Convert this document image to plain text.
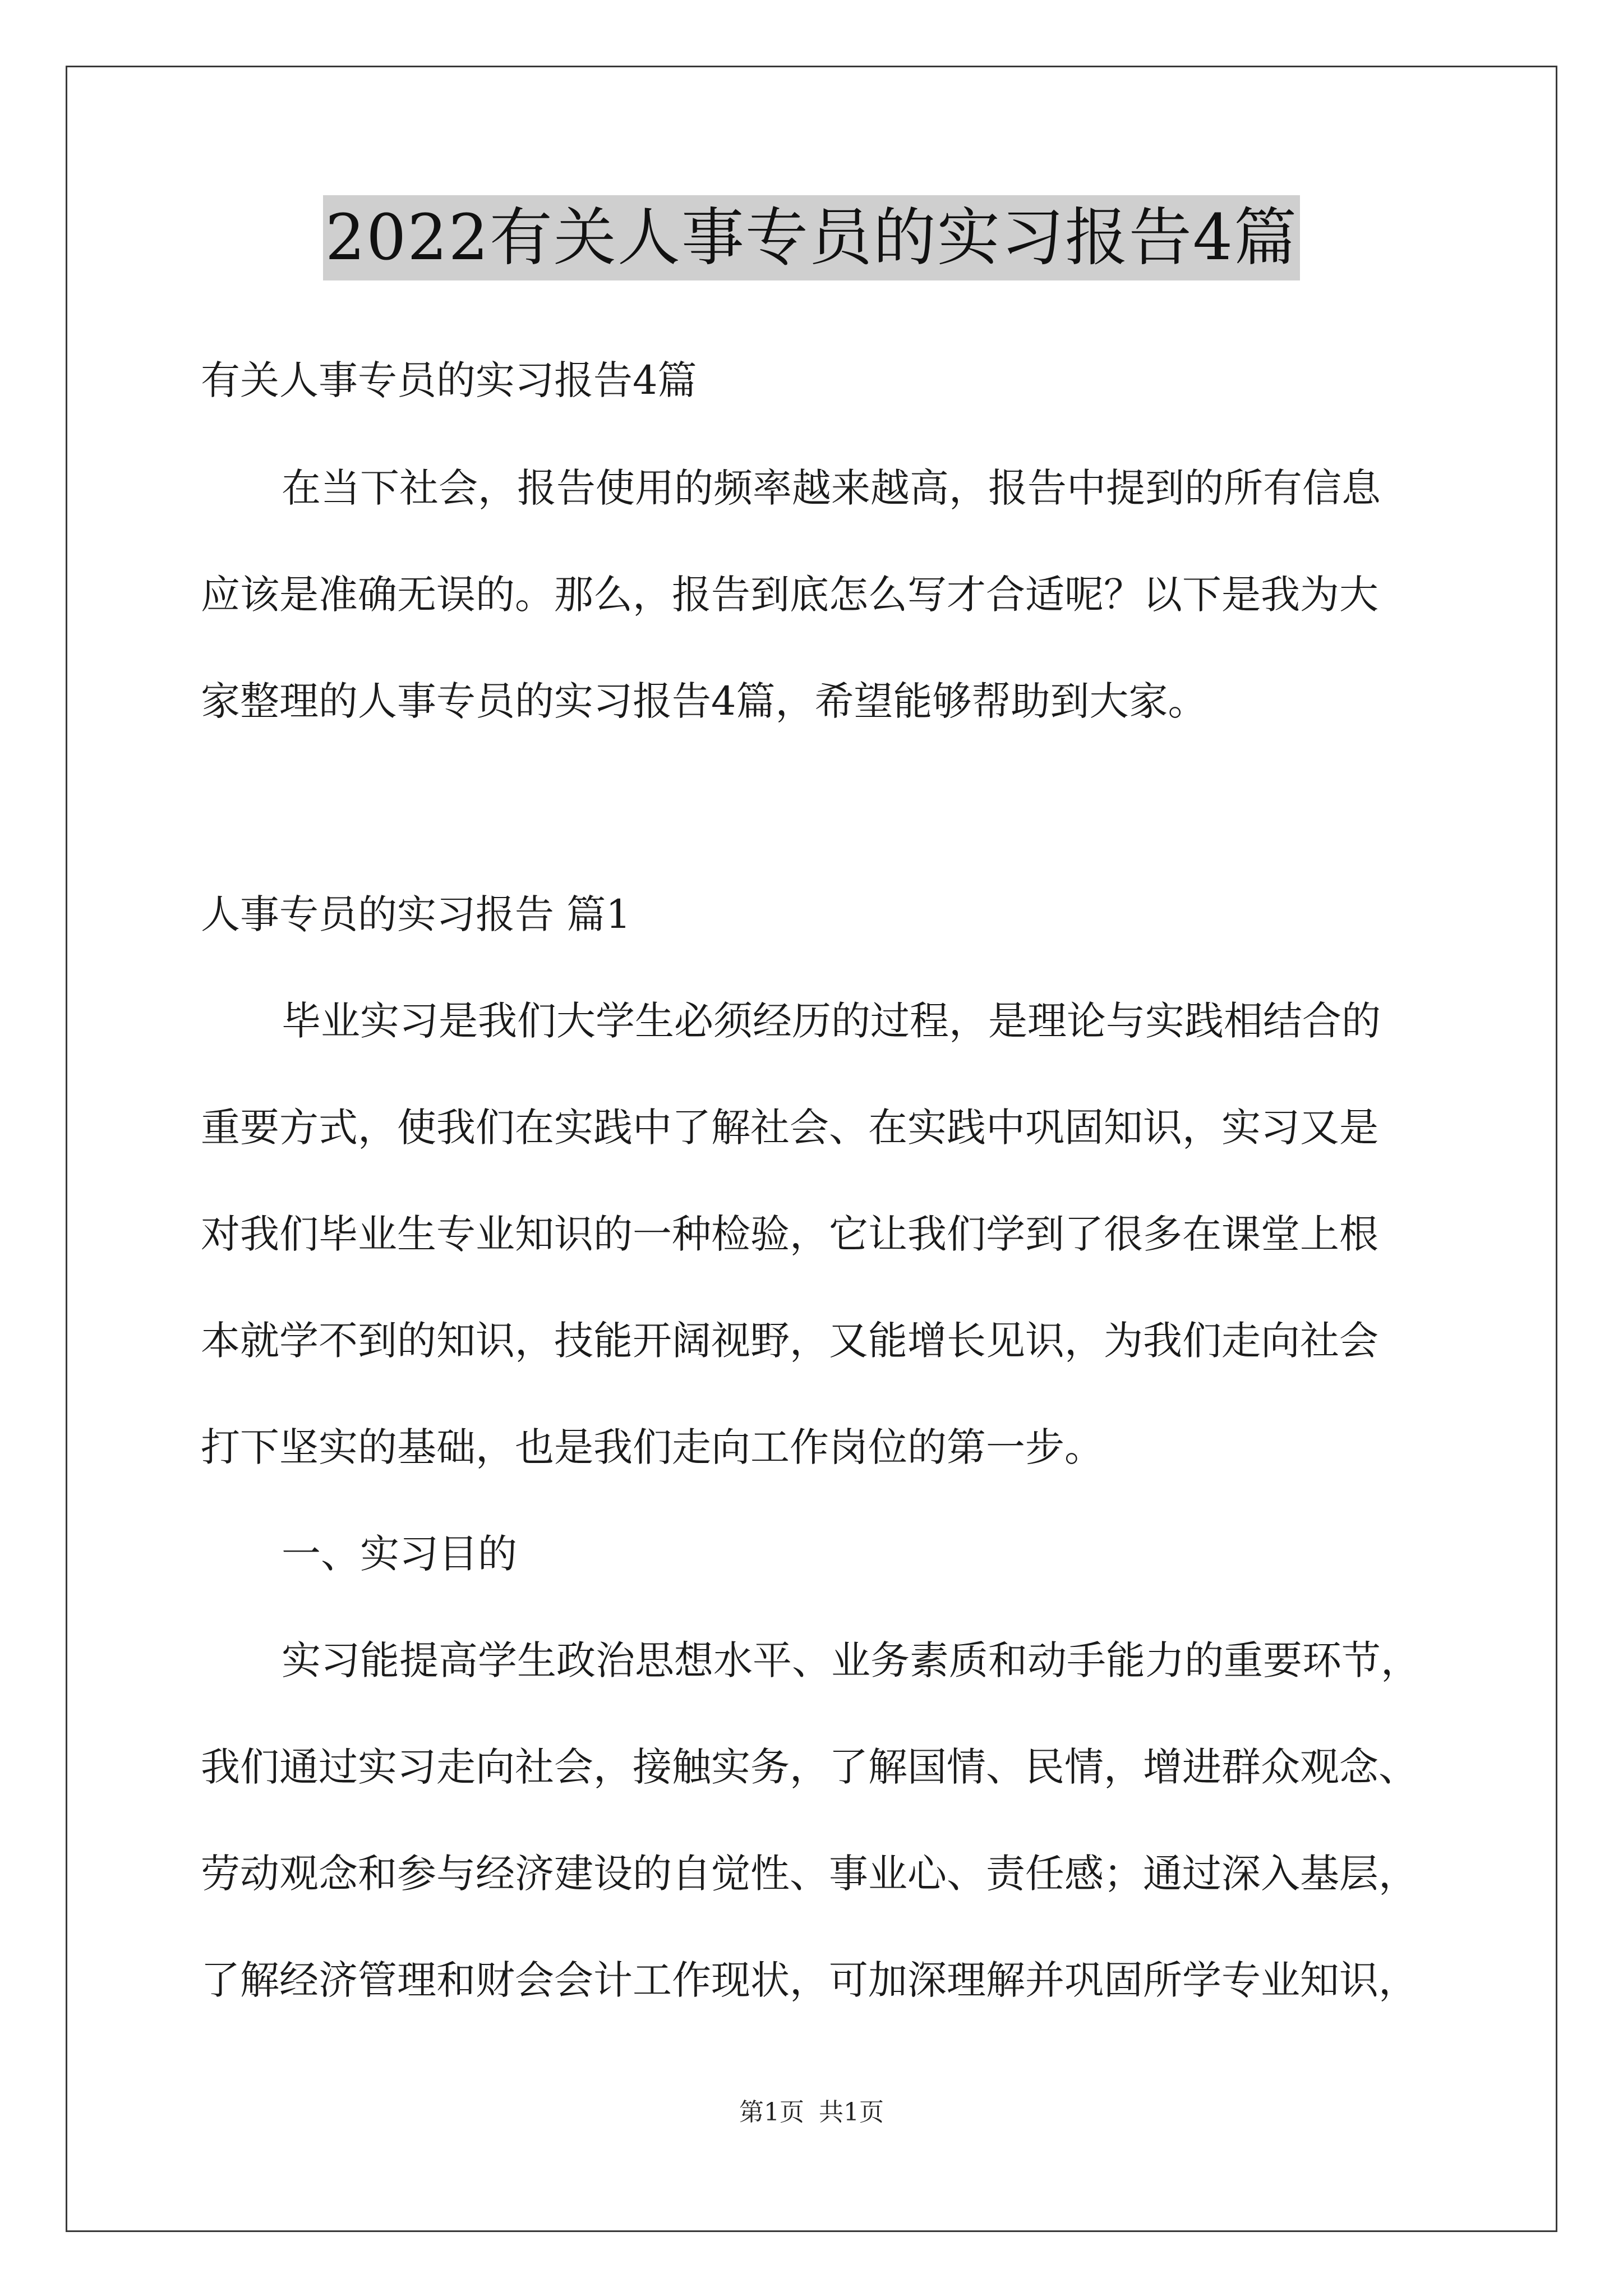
2022有关人事专员的实习报告4篇
有关人事专员的实习报告4篇
在当下社会，报告使用的频率越来越高，报告中提到的所有信息
应该是准确无误的。那么，报告到底怎么写才合适呢？以下是我为大
家整理的人事专员的实习报告4篇，希望能够帮助到大家。
人事专员的实习报告 篇1
毕业实习是我们大学生必须经历的过程，是理论与实践相结合的
重要方式，使我们在实践中了解社会、在实践中巩固知识，实习又是
对我们毕业生专业知识的一种检验，它让我们学到了很多在课堂上根
本就学不到的知识，技能开阔视野，又能增长见识，为我们走向社会
打下坚实的基础，也是我们走向工作岗位的第一步。
一、实习目的
实习能提高学生政治思想水平、业务素质和动手能力的重要环节，
我们通过实习走向社会，接触实务，了解国情、民情，增进群众观念、
劳动观念和参与经济建设的自觉性、事业心、责任感；通过深入基层，
了解经济管理和财会会计工作现状，可加深理解并巩固所学专业知识，
第1页 共1页
